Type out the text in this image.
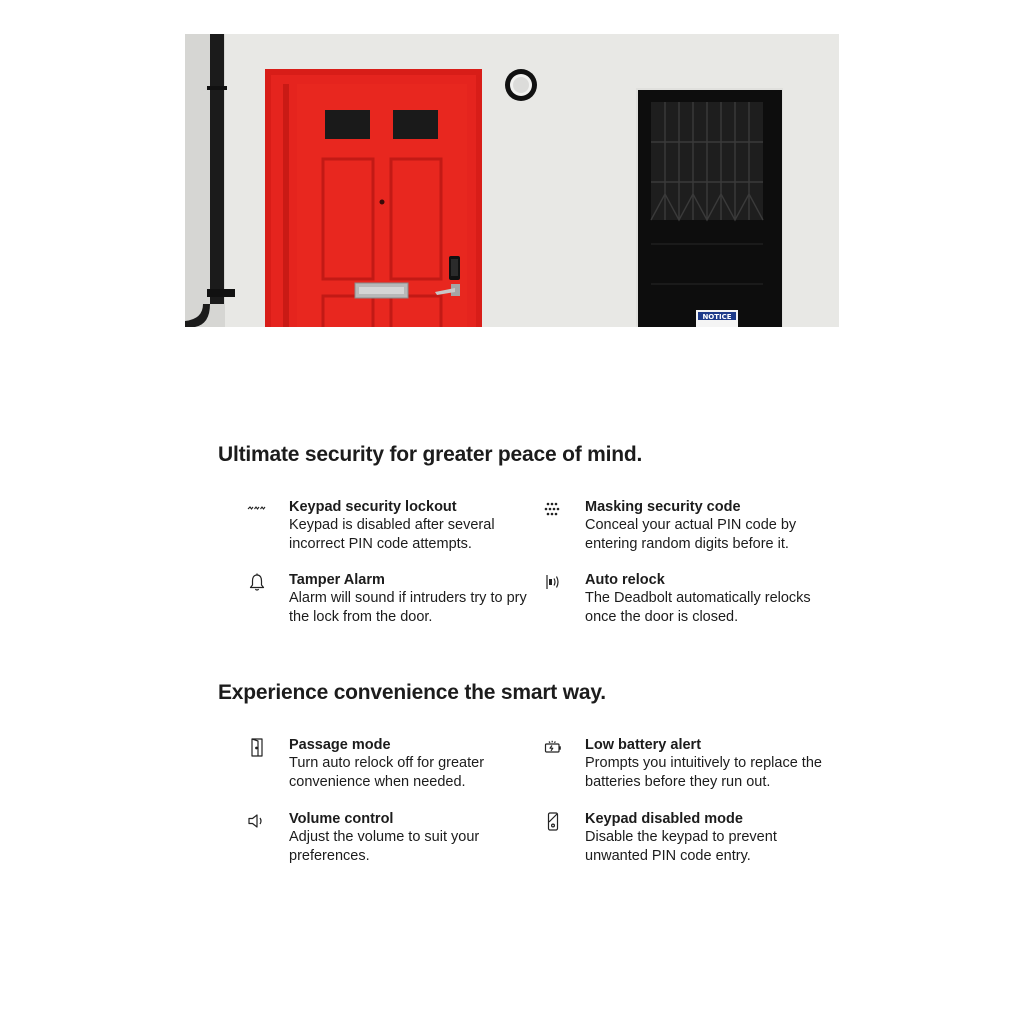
NOTICE
Ultimate security for greater peace of mind.
Keypad security lockout
Keypad is disabled after several incorrect PIN code attempts.
Masking security code
Conceal your actual PIN code by entering random digits before it.
Tamper Alarm
Alarm will sound if intruders try to pry the lock from the door.
Auto relock
The Deadbolt automatically relocks once the door is closed.
Experience convenience the smart way.
Passage mode
Turn auto relock off for greater convenience when needed.
Low battery alert
Prompts you intuitively to replace the batteries before they run out.
Volume control
Adjust the volume to suit your preferences.
Keypad disabled mode
Disable the keypad to prevent unwanted PIN code entry.
